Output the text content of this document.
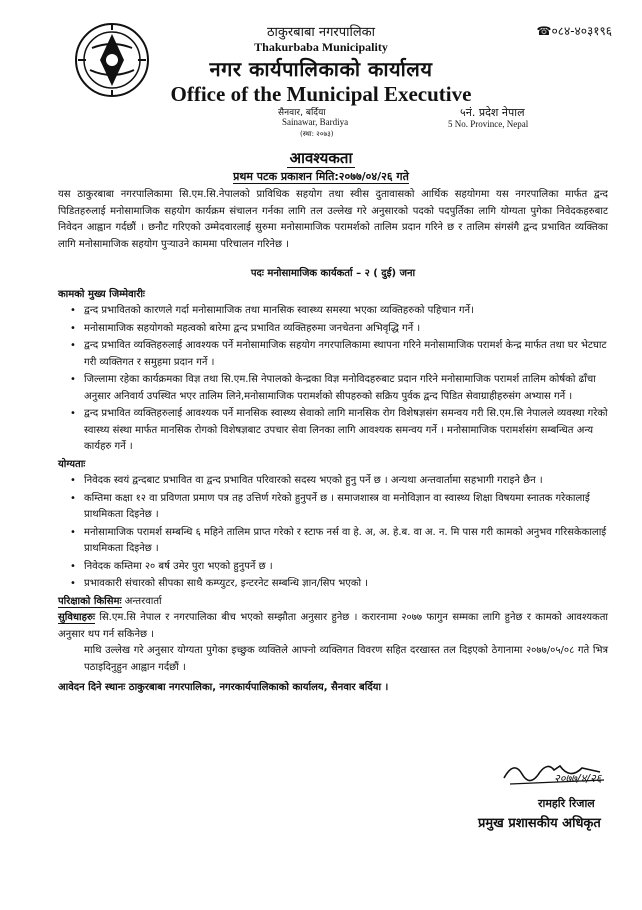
ठाकुरबाबा नगरपालिका
Thakurbaba Municipality
नगर कार्यपालिकाको कार्यालय
Office of the Municipal Executive
☎०८४-४०३१९६
सैनवार, बर्दिया
Sainawar, Bardiya
(स्था: २०७३)
५नं. प्रदेश नेपाल
5 No. Province, Nepal
आवश्यकता
प्रथम पटक प्रकाशन मिति:२०७७/०४/२६ गते

यस ठाकुरबाबा नगरपालिकामा सि.एम.सि.नेपालको प्राविधिक सहयोग तथा स्वीस दुतावासको आर्थिक सहयोगमा यस नगरपालिका मार्फत द्वन्द पिडितहरुलाई मनोसामाजिक सहयोग कार्यक्रम संचालन गर्नका लागि तल उल्लेख गरे अनुसारको पदको पदपुर्तिका लागि योग्यता पुगेका निवेदकहरुबाट निवेदन आह्वान गर्दछौं । छनौट गरिएको उम्मेदवारलाई सुरुमा मनोसामाजिक परामर्शको तालिम प्रदान गरिने छ र तालिम संगसंगै द्वन्द प्रभावित व्यक्तिका लागि मनोसामाजिक सहयोग पुऱ्याउने काममा परिचालन गरिनेछ ।

पदः मनोसामाजिक कार्यकर्ता – २ ( दुई) जना

कामको मुख्य जिम्मेवारीः

• द्वन्द प्रभावितको कारणले गर्दा मनोसामाजिक तथा मानसिक स्वास्थ्य समस्या भएका व्यक्तिहरुको पहिचान गर्ने।
• मनोसामाजिक सहयोगको महत्वको बारेमा द्वन्द प्रभावित व्यक्तिहरुमा जनचेतना अभिवृद्धि गर्ने ।
• द्वन्द प्रभावित व्यक्तिहरुलाई आवश्यक पर्ने मनोसामाजिक सहयोग नगरपालिकामा स्थापना गरिने मनोसामाजिक परामर्श केन्द्र मार्फत तथा घर भेटघाट गरी व्यक्तिगत र समुहमा प्रदान गर्ने ।
• जिल्लामा रहेका कार्यक्रमका विज्ञ तथा सि.एम.सि नेपालको केन्द्रका विज्ञ मनोविदहरुबाट प्रदान गरिने मनोसामाजिक परामर्श तालिम कोर्षको ढाँचा अनुसार अनिवार्य उपस्थित भएर तालिम लिने,मनोसामाजिक परामर्शको सीपहरुको सक्रिय पुर्वक द्वन्द पिडित सेवाग्राहीहरुसंग अभ्यास गर्ने ।
• द्वन्द प्रभावित व्यक्तिहरुलाई आवश्यक पर्ने मानसिक स्वास्थ्य सेवाको लागि मानसिक रोग विशेषज्ञसंग समन्वय गरी सि.एम.सि नेपालले व्यवस्था गरेको स्वास्थ्य संस्था मार्फत मानसिक रोगको विशेषज्ञबाट उपचार सेवा लिनका लागि आवश्यक समन्वय गर्ने । मनोसामाजिक परामर्शसंग सम्बन्धित अन्य कार्यहरु गर्ने ।

योग्यताः

• निवेदक स्वयं द्वन्दबाट प्रभावित वा द्वन्द प्रभावित परिवारको सदस्य भएको हुनु पर्ने छ । अन्यथा अन्तवार्तामा सहभागी गराइने छैन ।
• कम्तिमा कक्षा १२ वा प्रविणता प्रमाण पत्र तह उत्तिर्ण गरेको हुनुपर्ने छ । समाजशास्त्र वा मनोविज्ञान वा स्वास्थ्य शिक्षा विषयमा स्नातक गरेकालाई प्राथमिकता दिइनेछ ।
• मनोसामाजिक परामर्श सम्बन्धि ६ महिने तालिम प्राप्त गरेको र स्टाफ नर्स वा हे. अ, अ. हे.ब. वा अ. न. मि पास गरी कामको अनुभव गरिसकेकालाई प्राथमिकता दिइनेछ ।
• निवेदक कम्तिमा २० बर्ष उमेर पुरा भएको हुनुपर्ने छ ।
• प्रभावकारी संचारको सीपका साथै कम्प्युटर, इन्टरनेट सम्बन्धि ज्ञान/सिप भएको ।

परिक्षाको किसिमः अन्तरवार्ता

सुविधाहरुः सि.एम.सि नेपाल र नगरपालिका बीच भएको सम्झौता अनुसार हुनेछ । करारनामा २०७७ फागुन सम्मका लागि हुनेछ र कामको आवश्यकता अनुसार थप गर्न सकिनेछ ।

माथि उल्लेख गरे अनुसार योग्यता पुगेका इच्छुक व्यक्तिले आफ्नो व्यक्तिगत विवरण सहित दरखास्त तल दिइएको ठेगानामा २०७७/०५/०८ गते भित्र पठाइदिनुहुन आह्वान गर्दछौं ।

आवेदन दिने स्थानः ठाकुरबाबा नगरपालिका, नगरकार्यपालिकाको कार्यालय, सैनवार बर्दिया ।

२०७७/४/२६
रामहरि रिजाल
प्रमुख प्रशासकीय अधिकृत
